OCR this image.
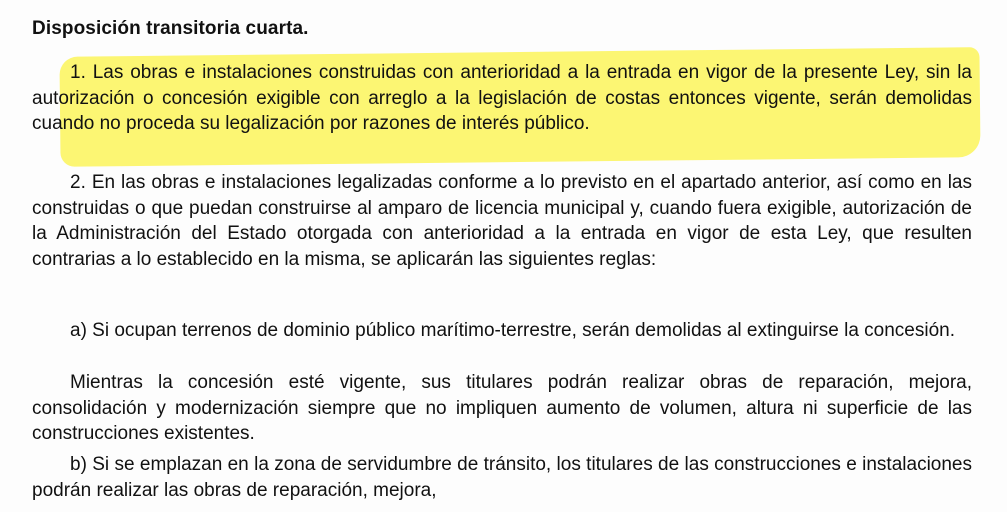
Disposición transitoria cuarta.
1. Las obras e instalaciones construidas con anterioridad a la entrada en vigor de la presente Ley, sin la autorización o concesión exigible con arreglo a la legislación de costas entonces vigente, serán demolidas cuando no proceda su legalización por razones de interés público.
2. En las obras e instalaciones legalizadas conforme a lo previsto en el apartado anterior, así como en las construidas o que puedan construirse al amparo de licencia municipal y, cuando fuera exigible, autorización de la Administración del Estado otorgada con anterioridad a la entrada en vigor de esta Ley, que resulten contrarias a lo establecido en la misma, se aplicarán las siguientes reglas:
a) Si ocupan terrenos de dominio público marítimo-terrestre, serán demolidas al extinguirse la concesión.
Mientras la concesión esté vigente, sus titulares podrán realizar obras de reparación, mejora, consolidación y modernización siempre que no impliquen aumento de volumen, altura ni superficie de las construcciones existentes.
b) Si se emplazan en la zona de servidumbre de tránsito, los titulares de las construcciones e instalaciones podrán realizar las obras de reparación, mejora,
